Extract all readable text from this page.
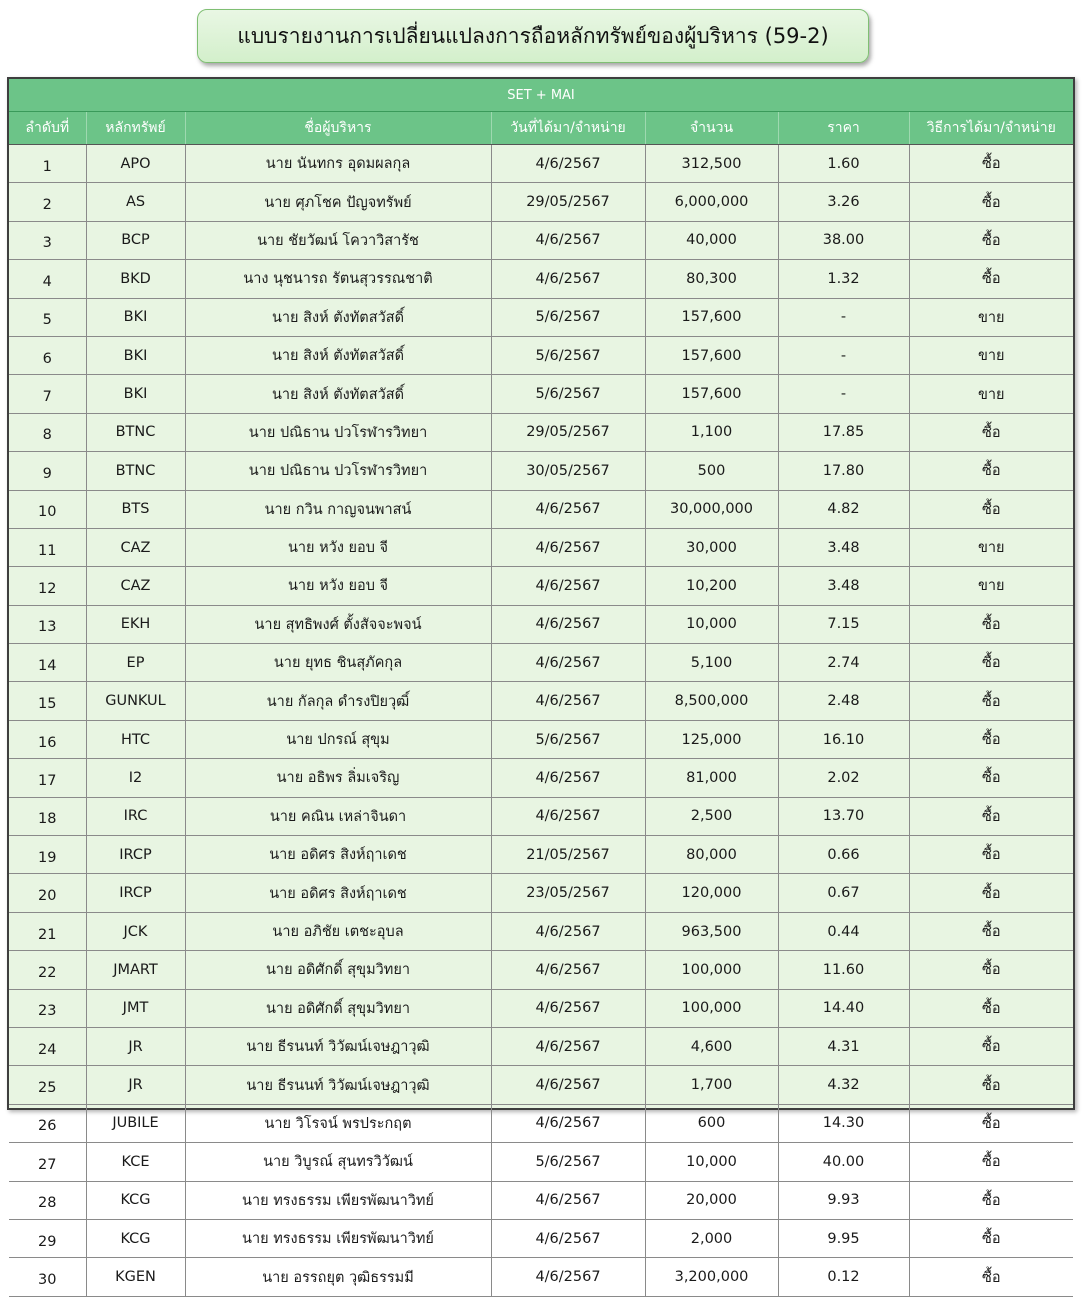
แบบรายงานการเปลี่ยนแปลงการถือหลักทรัพย์ของผู้บริหาร (59-2)
SET + MAI						
ลำดับที่	หลักทรัพย์	ชื่อผู้บริหาร	วันที่ได้มา/จำหน่าย	จำนวน	ราคา	วิธีการได้มา/จำหน่าย
1	APO	นาย นันทกร อุดมผลกุล	4/6/2567	312,500	1.60	ซื้อ
2	AS	นาย ศุภโชค ปัญจทรัพย์	29/05/2567	6,000,000	3.26	ซื้อ
3	BCP	นาย ชัยวัฒน์ โควาวิสารัช	4/6/2567	40,000	38.00	ซื้อ
4	BKD	นาง นุชนารถ รัตนสุวรรณชาติ	4/6/2567	80,300	1.32	ซื้อ
5	BKI	นาย สิงห์ ตังทัตสวัสดิ์	5/6/2567	157,600	-	ขาย
6	BKI	นาย สิงห์ ตังทัตสวัสดิ์	5/6/2567	157,600	-	ขาย
7	BKI	นาย สิงห์ ตังทัตสวัสดิ์	5/6/2567	157,600	-	ขาย
8	BTNC	นาย ปณิธาน ปวโรฬารวิทยา	29/05/2567	1,100	17.85	ซื้อ
9	BTNC	นาย ปณิธาน ปวโรฬารวิทยา	30/05/2567	500	17.80	ซื้อ
10	BTS	นาย กวิน กาญจนพาสน์	4/6/2567	30,000,000	4.82	ซื้อ
11	CAZ	นาย หวัง ยอบ จี	4/6/2567	30,000	3.48	ขาย
12	CAZ	นาย หวัง ยอบ จี	4/6/2567	10,200	3.48	ขาย
13	EKH	นาย สุทธิพงศ์ ตั้งสัจจะพจน์	4/6/2567	10,000	7.15	ซื้อ
14	EP	นาย ยุทธ ชินสุภัคกุล	4/6/2567	5,100	2.74	ซื้อ
15	GUNKUL	นาย กัลกุล ดำรงปิยวุฒิ์	4/6/2567	8,500,000	2.48	ซื้อ
16	HTC	นาย ปกรณ์ สุขุม	5/6/2567	125,000	16.10	ซื้อ
17	I2	นาย อธิพร ลิ่มเจริญ	4/6/2567	81,000	2.02	ซื้อ
18	IRC	นาย คณิน เหล่าจินดา	4/6/2567	2,500	13.70	ซื้อ
19	IRCP	นาย อดิศร สิงห์ฤาเดช	21/05/2567	80,000	0.66	ซื้อ
20	IRCP	นาย อดิศร สิงห์ฤาเดช	23/05/2567	120,000	0.67	ซื้อ
21	JCK	นาย อภิชัย เตชะอุบล	4/6/2567	963,500	0.44	ซื้อ
22	JMART	นาย อดิศักดิ์ สุขุมวิทยา	4/6/2567	100,000	11.60	ซื้อ
23	JMT	นาย อดิศักดิ์ สุขุมวิทยา	4/6/2567	100,000	14.40	ซื้อ
24	JR	นาย ธีรนนท์ วิวัฒน์เจษฎาวุฒิ	4/6/2567	4,600	4.31	ซื้อ
25	JR	นาย ธีรนนท์ วิวัฒน์เจษฎาวุฒิ	4/6/2567	1,700	4.32	ซื้อ
26	JUBILE	นาย วิโรจน์ พรประกฤต	4/6/2567	600	14.30	ซื้อ
27	KCE	นาย วิบูรณ์ สุนทรวิวัฒน์	5/6/2567	10,000	40.00	ซื้อ
28	KCG	นาย ทรงธรรม เพียรพัฒนาวิทย์	4/6/2567	20,000	9.93	ซื้อ
29	KCG	นาย ทรงธรรม เพียรพัฒนาวิทย์	4/6/2567	2,000	9.95	ซื้อ
30	KGEN	นาย อรรถยุต วุฒิธรรมมี	4/6/2567	3,200,000	0.12	ซื้อ
